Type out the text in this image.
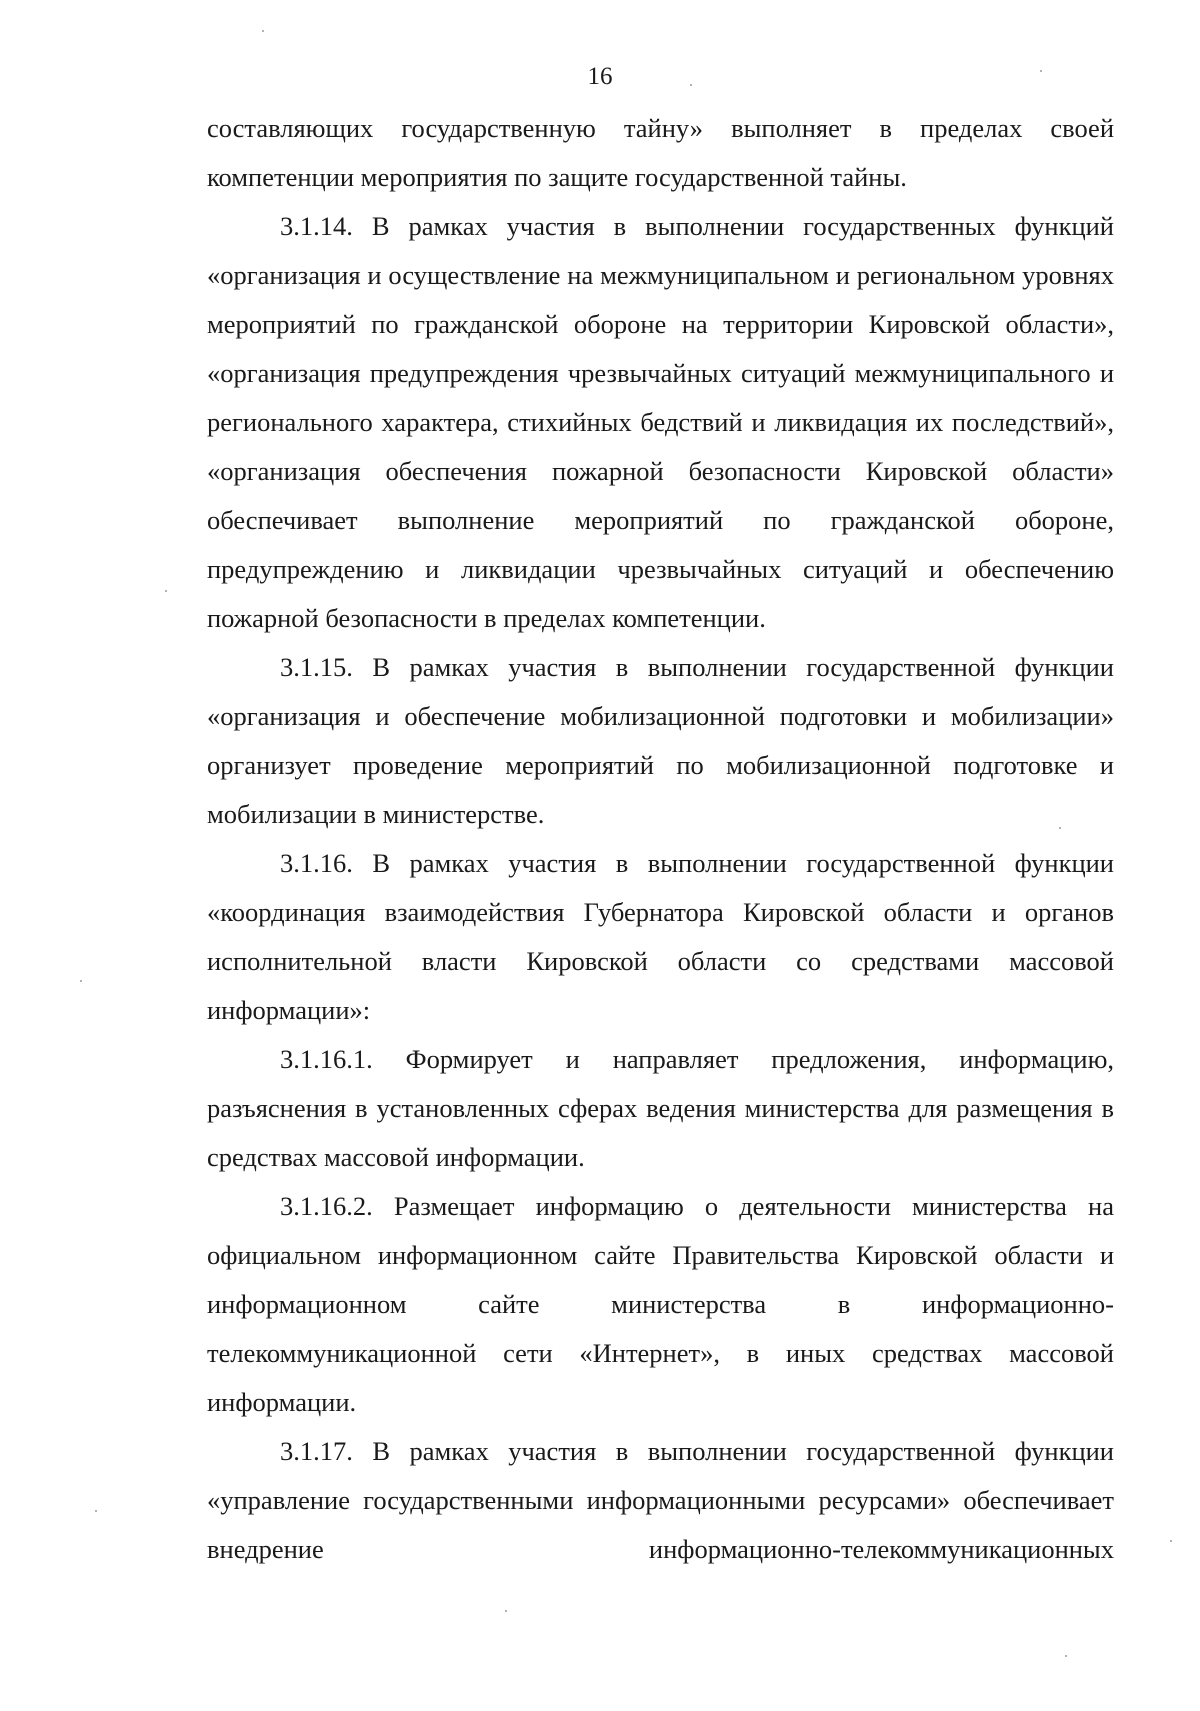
16

составляющих государственную тайну» выполняет в пределах своей компетенции мероприятия по защите государственной тайны.

3.1.14. В рамках участия в выполнении государственных функций «организация и осуществление на межмуниципальном и региональном уровнях мероприятий по гражданской обороне на территории Кировской области», «организация предупреждения чрезвычайных ситуаций межмуниципального и регионального характера, стихийных бедствий и ликвидация их последствий», «организация обеспечения пожарной безопасности Кировской области» обеспечивает выполнение мероприятий по гражданской обороне, предупреждению и ликвидации чрезвычайных ситуаций и обеспечению пожарной безопасности в пределах компетенции.

3.1.15. В рамках участия в выполнении государственной функции «организация и обеспечение мобилизационной подготовки и мобилизации» организует проведение мероприятий по мобилизационной подготовке и мобилизации в министерстве.

3.1.16. В рамках участия в выполнении государственной функции «координация взаимодействия Губернатора Кировской области и органов исполнительной власти Кировской области со средствами массовой информации»:

3.1.16.1. Формирует и направляет предложения, информацию, разъяснения в установленных сферах ведения министерства для размещения в средствах массовой информации.

3.1.16.2. Размещает информацию о деятельности министерства на официальном информационном сайте Правительства Кировской области и информационном сайте министерства в информационно-телекоммуникационной сети «Интернет», в иных средствах массовой информации.

3.1.17. В рамках участия в выполнении государственной функции «управление государственными информационными ресурсами» обеспечивает внедрение информационно-телекоммуникационных
